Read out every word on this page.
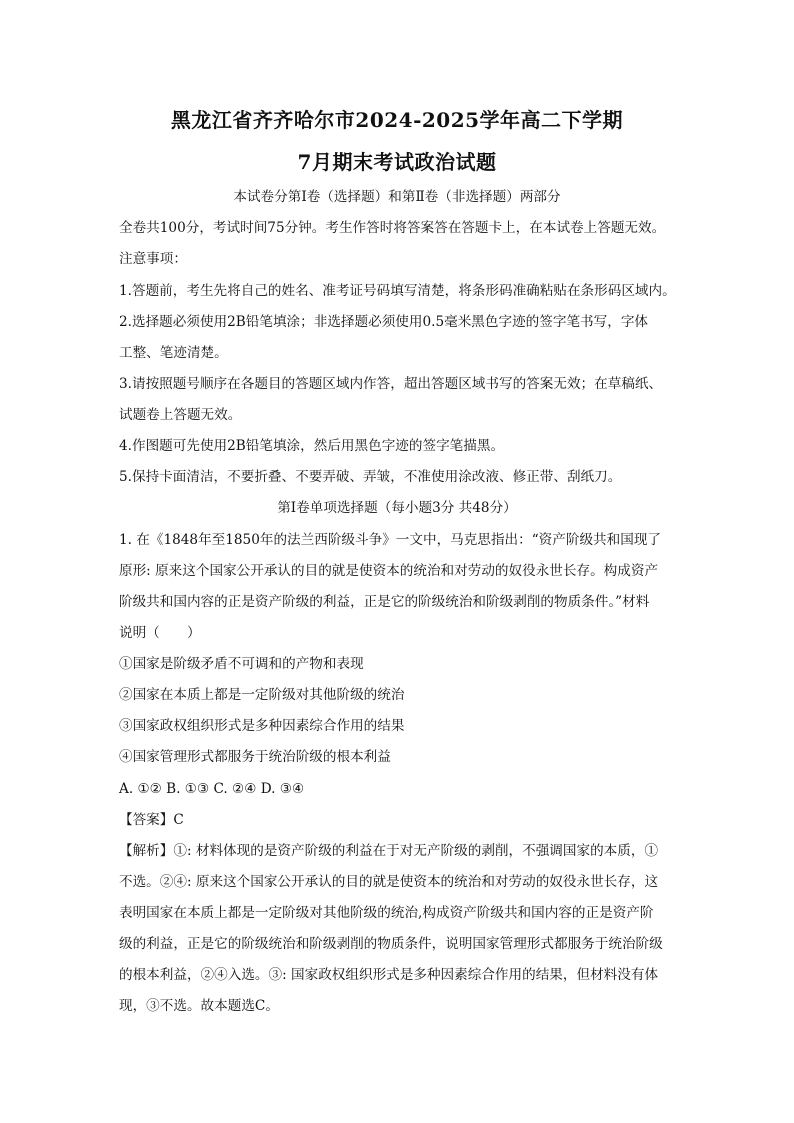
黑龙江省齐齐哈尔市2024-2025学年高二下学期
7月期末考试政治试题
本试卷分第Ⅰ卷（选择题）和第Ⅱ卷（非选择题）两部分
全卷共100分，考试时间75分钟。考生作答时将答案答在答题卡上，在本试卷上答题无效。
注意事项：
1.答题前，考生先将自己的姓名、准考证号码填写清楚，将条形码准确粘贴在条形码区域内。
2.选择题必须使用2B铅笔填涂；非选择题必须使用0.5毫米黑色字迹的签字笔书写，字体
工整、笔迹清楚。
3.请按照题号顺序在各题目的答题区域内作答，超出答题区域书写的答案无效；在草稿纸、
试题卷上答题无效。
4.作图题可先使用2B铅笔填涂，然后用黑色字迹的签字笔描黑。
5.保持卡面清洁，不要折叠、不要弄破、弄皱，不准使用涂改液、修正带、刮纸刀。
第Ⅰ卷单项选择题（每小题3分 共48分）
1. 在《1848年至1850年的法兰西阶级斗争》一文中，马克思指出：“资产阶级共和国现了
原形: 原来这个国家公开承认的目的就是使资本的统治和对劳动的奴役永世长存。构成资产
阶级共和国内容的正是资产阶级的利益，正是它的阶级统治和阶级剥削的物质条件。”材料
说明（　　）
①国家是阶级矛盾不可调和的产物和表现
②国家在本质上都是一定阶级对其他阶级的统治
③国家政权组织形式是多种因素综合作用的结果
④国家管理形式都服务于统治阶级的根本利益
A. ①② B. ①③ C. ②④ D. ③④
【答案】C
【解析】①: 材料体现的是资产阶级的利益在于对无产阶级的剥削，不强调国家的本质，①
不选。②④: 原来这个国家公开承认的目的就是使资本的统治和对劳动的奴役永世长存，这
表明国家在本质上都是一定阶级对其他阶级的统治,构成资产阶级共和国内容的正是资产阶
级的利益，正是它的阶级统治和阶级剥削的物质条件，说明国家管理形式都服务于统治阶级
的根本利益，②④入选。③: 国家政权组织形式是多种因素综合作用的结果，但材料没有体
现，③不选。故本题选C。
